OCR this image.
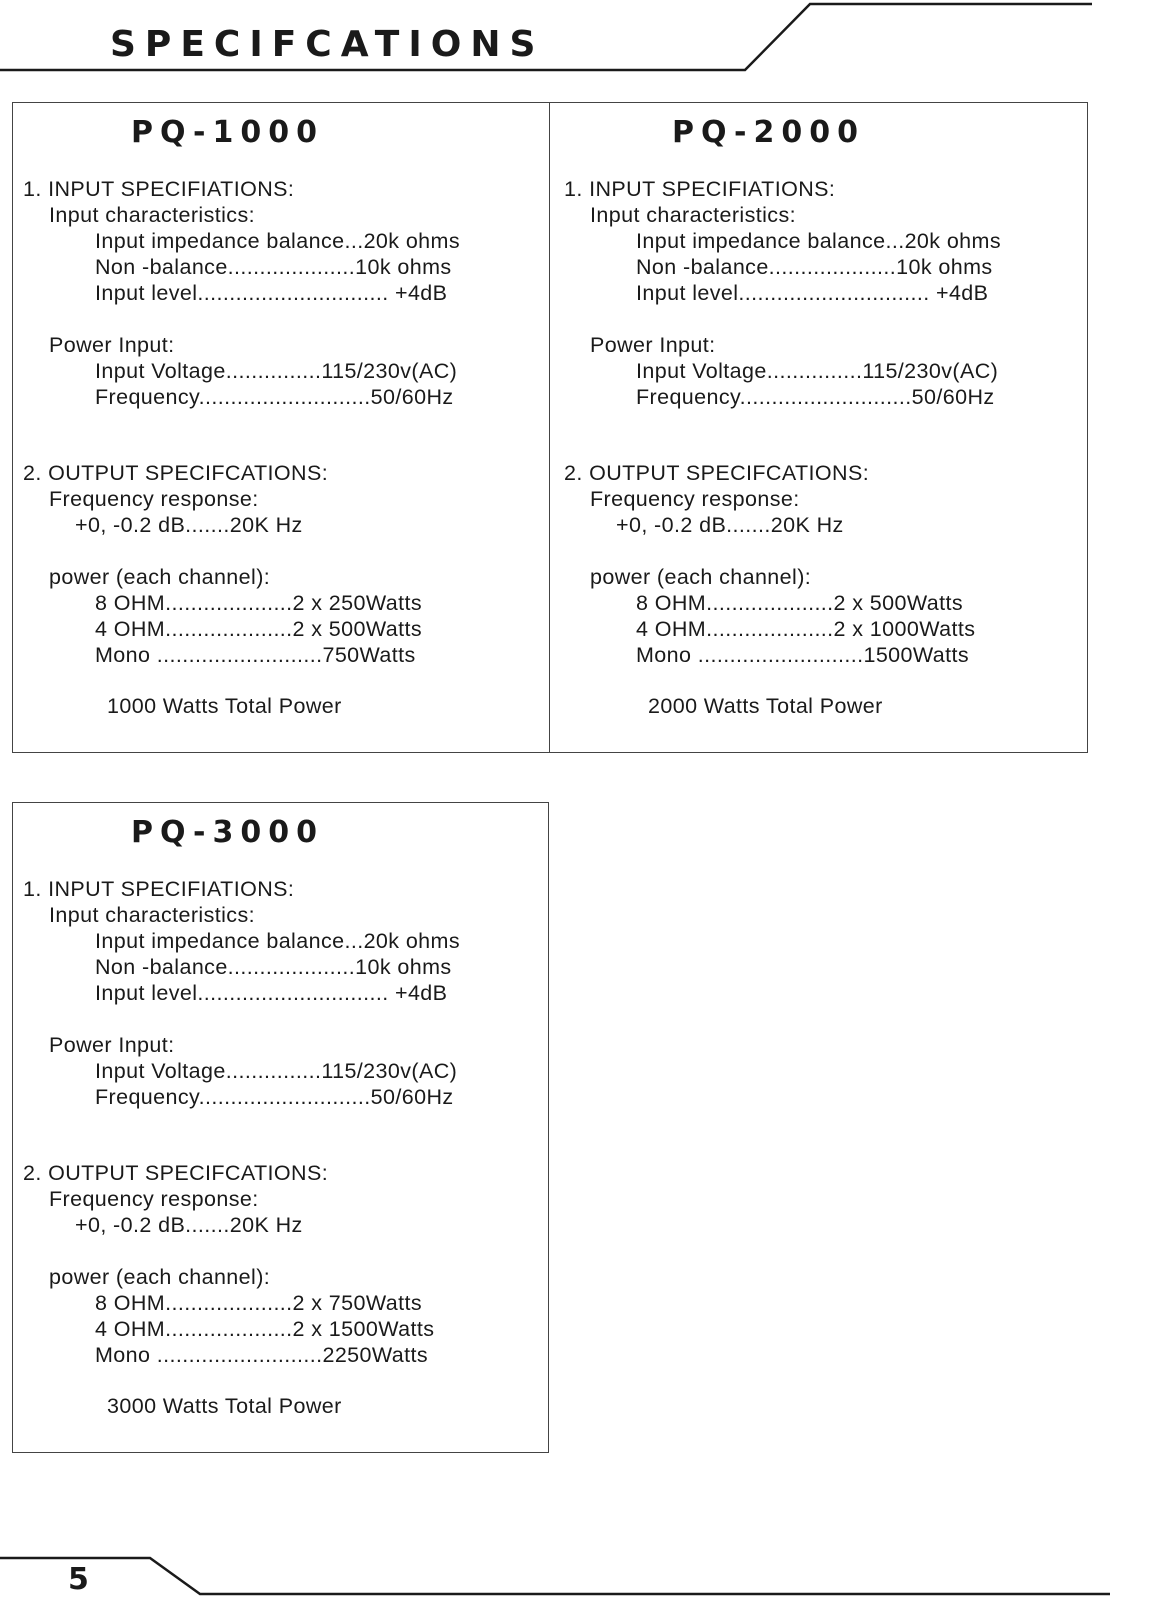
SPECIFCATIONS
PQ-1000
1. INPUT SPECIFIATIONS:
Input characteristics:
Input impedance balance...20k ohms
Non -balance....................10k ohms
Input level.............................. +4dB
Power Input:
Input Voltage...............115/230v(AC)
Frequency...........................50/60Hz
2. OUTPUT SPECIFCATIONS:
Frequency response:
+0, -0.2 dB.......20K Hz
power (each channel):
8 OHM....................2 x 250Watts
4 OHM....................2 x 500Watts
Mono ..........................750Watts
1000 Watts Total Power
PQ-2000
1. INPUT SPECIFIATIONS:
Input characteristics:
Input impedance balance...20k ohms
Non -balance....................10k ohms
Input level.............................. +4dB
Power Input:
Input Voltage...............115/230v(AC)
Frequency...........................50/60Hz
2. OUTPUT SPECIFCATIONS:
Frequency response:
+0, -0.2 dB.......20K Hz
power (each channel):
8 OHM....................2 x 500Watts
4 OHM....................2 x 1000Watts
Mono ..........................1500Watts
2000 Watts Total Power
PQ-3000
1. INPUT SPECIFIATIONS:
Input characteristics:
Input impedance balance...20k ohms
Non -balance....................10k ohms
Input level.............................. +4dB
Power Input:
Input Voltage...............115/230v(AC)
Frequency...........................50/60Hz
2. OUTPUT SPECIFCATIONS:
Frequency response:
+0, -0.2 dB.......20K Hz
power (each channel):
8 OHM....................2 x 750Watts
4 OHM....................2 x 1500Watts
Mono ..........................2250Watts
3000 Watts Total Power
5
